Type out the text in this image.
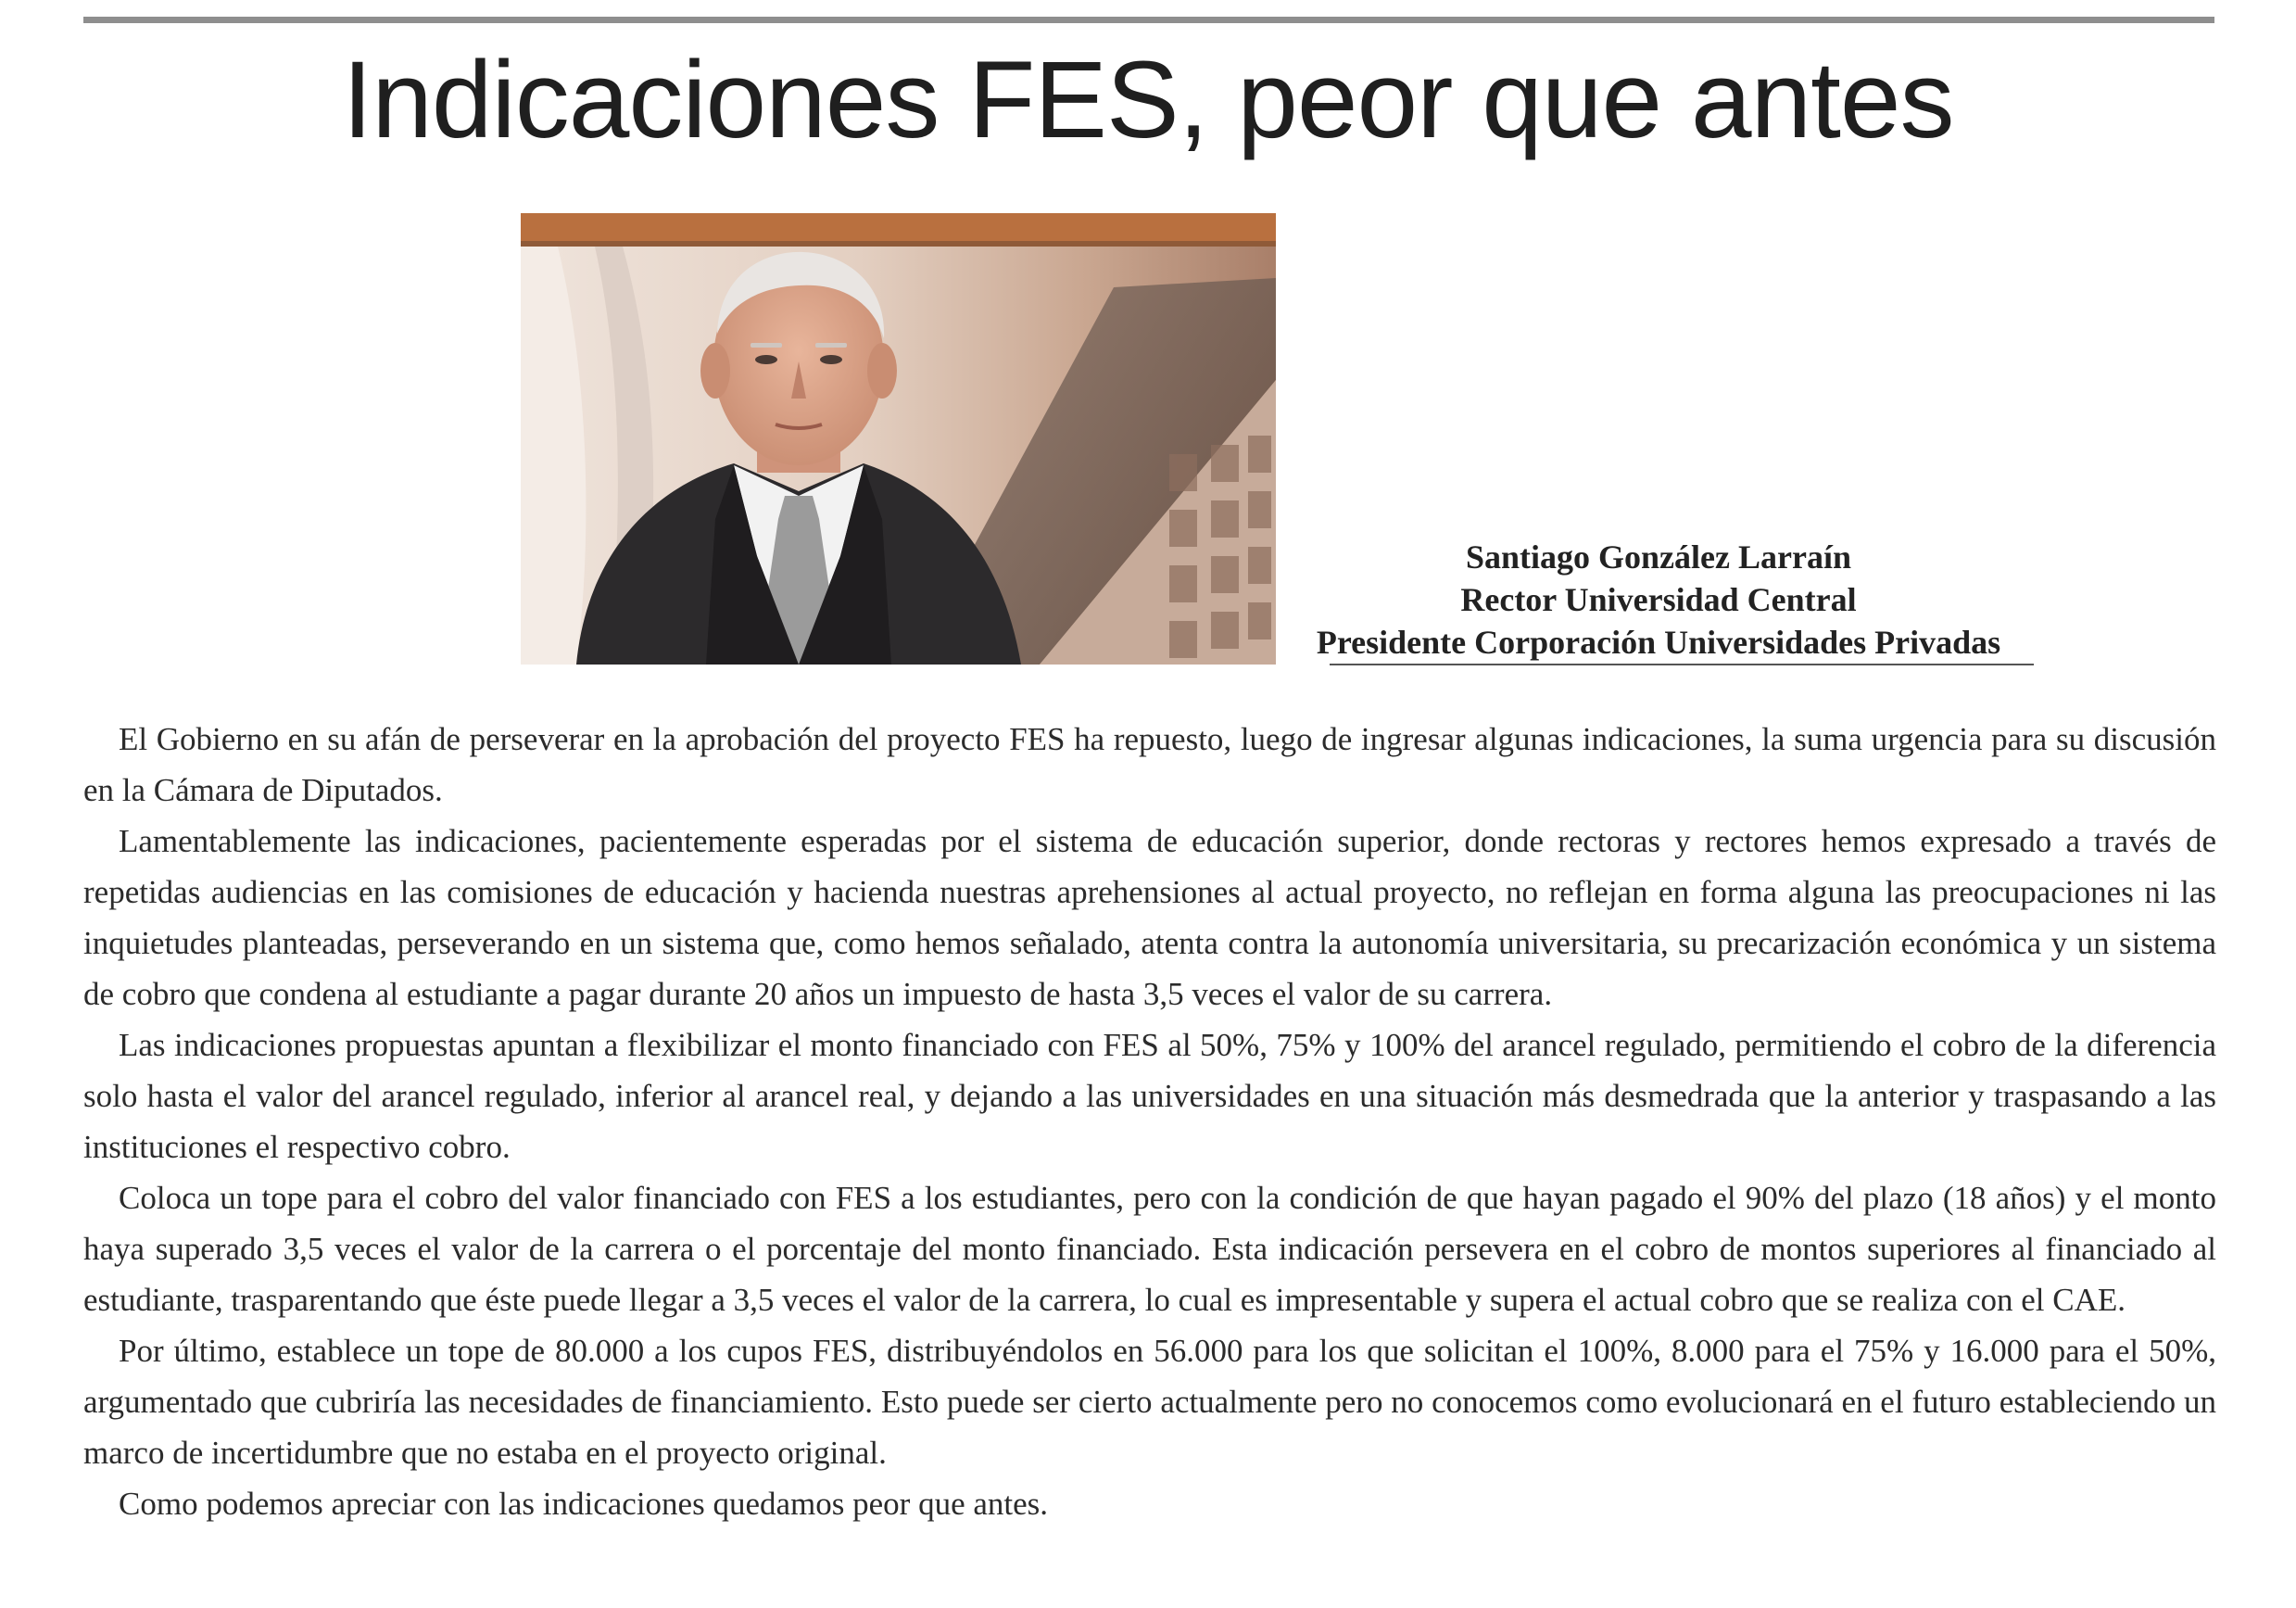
Indicaciones FES, peor que antes
Santiago González Larraín
Rector Universidad Central
Presidente Corporación Universidades Privadas

El Gobierno en su afán de perseverar en la aprobación del proyecto FES ha repuesto, luego de ingresar algunas indicaciones, la suma urgencia para su discusión en la Cámara de Diputados.

Lamentablemente las indicaciones, pacientemente esperadas por el sistema de educación superior, donde rectoras y rectores hemos expresado a través de repetidas audiencias en las comisiones de educación y hacienda nuestras aprehensiones al actual proyecto, no reflejan en forma alguna las preocupaciones ni las inquietudes planteadas, perseverando en un sistema que, como hemos señalado, atenta contra la autonomía universitaria, su precarización económica y un sistema de cobro que condena al estudiante a pagar durante 20 años un impuesto de hasta 3,5 veces el valor de su carrera.

Las indicaciones propuestas apuntan a flexibilizar el monto financiado con FES al 50%, 75% y 100% del arancel regulado, permitiendo el cobro de la diferencia solo hasta el valor del arancel regulado, inferior al arancel real, y dejando a las universidades en una situación más desmedrada que la anterior y traspasando a las instituciones el respectivo cobro.

Coloca un tope para el cobro del valor financiado con FES a los estudiantes, pero con la condición de que hayan pagado el 90% del plazo (18 años) y el monto haya superado 3,5 veces el valor de la carrera o el porcentaje del monto financiado. Esta indicación persevera en el cobro de montos superiores al financiado al estudiante, trasparentando que éste puede llegar a 3,5 veces el valor de la carrera, lo cual es impresentable y supera el actual cobro que se realiza con el CAE.

Por último, establece un tope de 80.000 a los cupos FES, distribuyéndolos en 56.000 para los que solicitan el 100%, 8.000 para el 75% y 16.000 para el 50%, argumentado que cubriría las necesidades de financiamiento. Esto puede ser cierto actualmente pero no conocemos como evolucionará en el futuro estableciendo un marco de incertidumbre que no estaba en el proyecto original.

Como podemos apreciar con las indicaciones quedamos peor que antes.
